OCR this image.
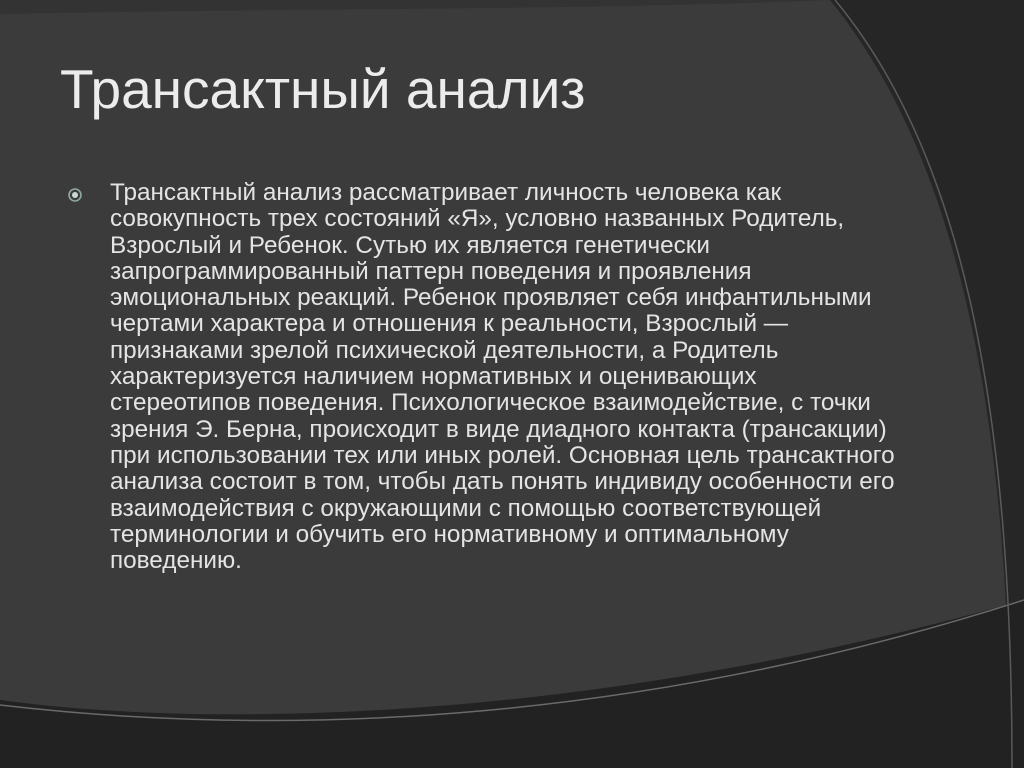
Трансактный анализ

Трансактный анализ рассматривает личность человека как совокупность трех состояний «Я», условно названных Родитель, Взрослый и Ребенок. Сутью их является генетически запрограммированный паттерн поведения и проявления эмоциональных реакций. Ребенок проявляет себя инфантильными чертами характера и отношения к реальности, Взрослый — признаками зрелой психической деятельности, а Родитель характеризуется наличием нормативных и оценивающих стереотипов поведения. Психологическое взаимодействие, с точки зрения Э. Берна, происходит в виде диадного контакта (трансакции) при использовании тех или иных ролей. Основная цель трансактного анализа состоит в том, чтобы дать понять индивиду особенности его взаимодействия с окружающими с помощью соответствующей терминологии и обучить его нормативному и оптимальному поведению.
